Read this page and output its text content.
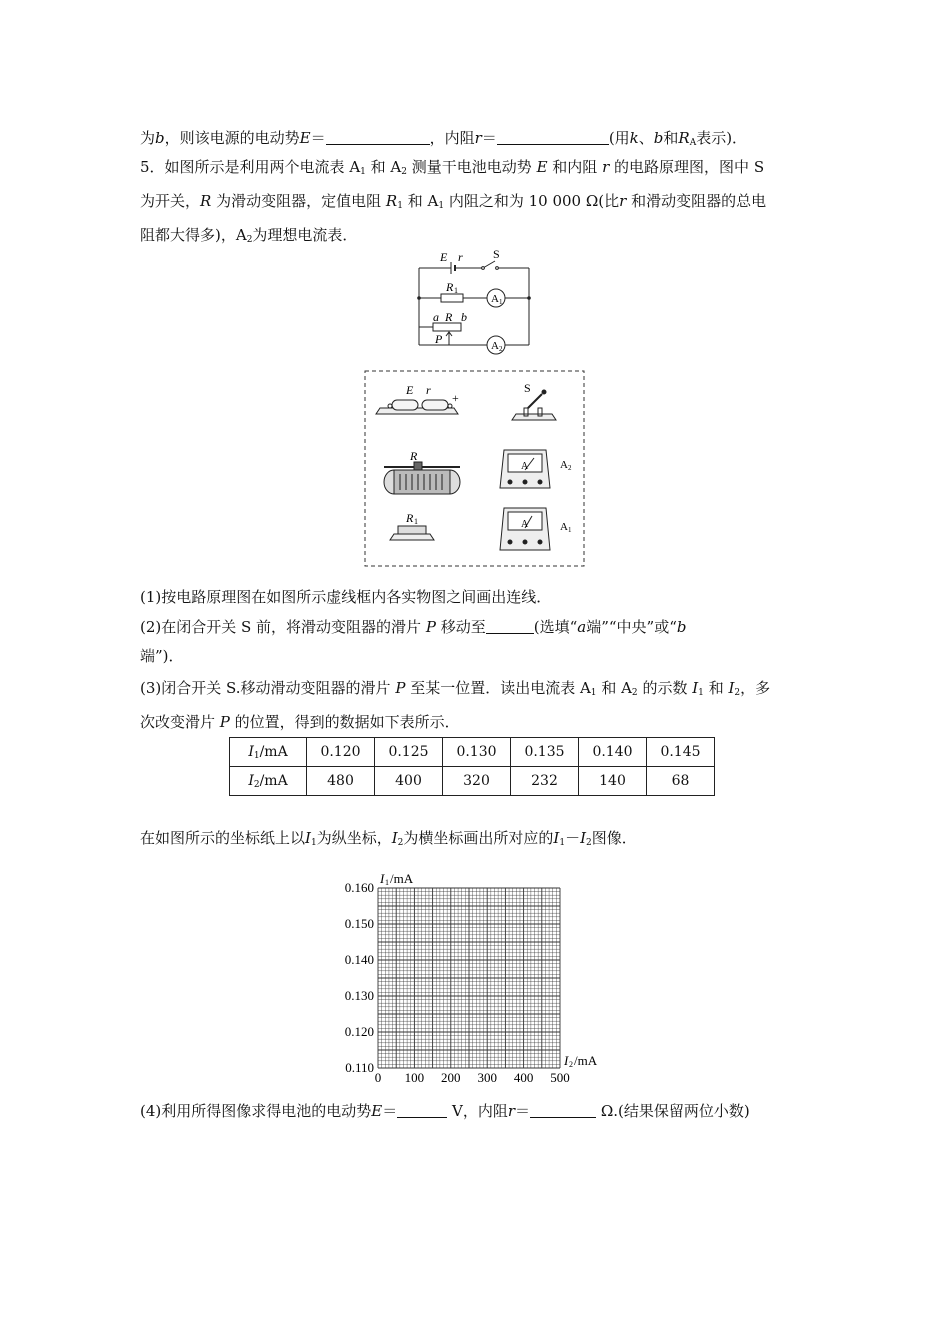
为b，则该电源的电动势E＝	，内阻r＝	(用k、b和$R_A$表示)．
5．如图所示是利用两个电流表 $A_1$ 和 $A_2$ 测量干电池电动势 E 和内阻 r 的电路原理图，图中 S
为开关，R 为滑动变阻器，定值电阻 $R_1$ 和 $A_1$ 内阻之和为 10 000 Ω(比r 和滑动变阻器的总电
阻都大得多)，$A_2$为理想电流表．
E r	S
R 1
A 1
a R b
P	A 2
E r
+
S
R
R 1
A
A
A 2
A 1
(1)按电路原理图在如图所示虚线框内各实物图之间画出连线．
(2)在闭合开关 S 前，将滑动变阻器的滑片 P 移动至	(选填“a端”“中央”或“b
端”)．
(3)闭合开关 S.移动滑动变阻器的滑片 P 至某一位置．读出电流表 $A_1$ 和 $A_2$ 的示数 $I_1$ 和 $I_2$，多
次改变滑片 P 的位置，得到的数据如下表所示．
$I_1/mA$	0.120	0.125	0.130	0.135	0.140	0.145
$I_2/mA$	480	400	320	232	140	68
在如图所示的坐标纸上以$I_1$为纵坐标，$I_2$为横坐标画出所对应的$I_1-I_2$图像．
I 1 /mA
I 2 /mA
0.160
0.150
0.140
0.130
0.120
0.110
0 100 200 300 400 500
(4)利用所得图像求得电池的电动势E＝	V，内阻r＝	Ω.(结果保留两位小数)
